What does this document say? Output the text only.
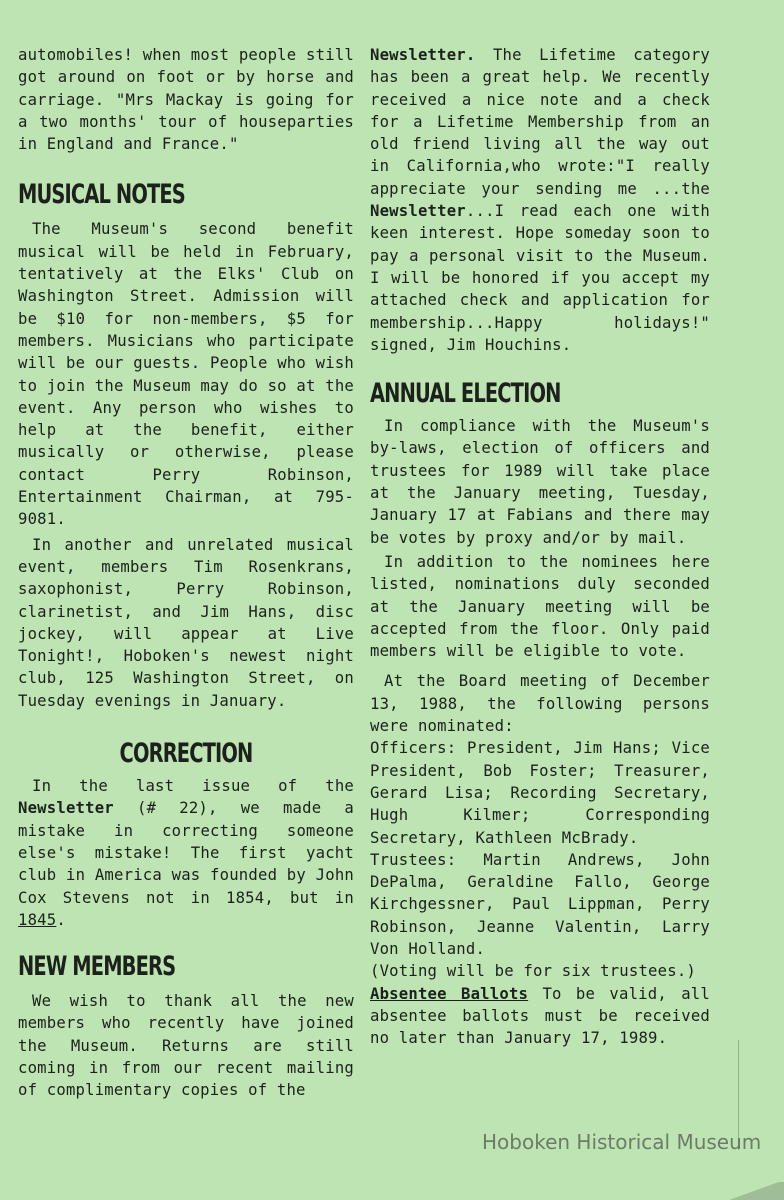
automobiles! when most people still got around on foot or by horse and carriage. "Mrs Mackay is going for a two months' tour of houseparties in England and France."

MUSICAL NOTES

The Museum's second benefit musical will be held in February, tentatively at the Elks' Club on Washington Street. Admission will be $10 for non-members, $5 for members. Musicians who participate will be our guests. People who wish to join the Museum may do so at the event. Any person who wishes to help at the benefit, either musically or otherwise, please contact Perry Robinson, Entertainment Chairman, at 795-9081.

In another and unrelated musical event, members Tim Rosenkrans, saxophonist, Perry Robinson, clarinetist, and Jim Hans, disc jockey, will appear at Live Tonight!, Hoboken's newest night club, 125 Washington Street, on Tuesday evenings in January.

CORRECTION

In the last issue of the Newsletter (# 22), we made a mistake in correcting someone else's mistake! The first yacht club in America was founded by John Cox Stevens not in 1854, but in 1845.

NEW MEMBERS

We wish to thank all the new members who recently have joined the Museum. Returns are still coming in from our recent mailing of complimentary copies of the

Newsletter. The Lifetime category has been a great help. We recently received a nice note and a check for a Lifetime Membership from an old friend living all the way out in California,who wrote:"I really appreciate your sending me ...the Newsletter...I read each one with keen interest. Hope someday soon to pay a personal visit to the Museum. I will be honored if you accept my attached check and application for membership...Happy holidays!" signed, Jim Houchins.

ANNUAL ELECTION

In compliance with the Museum's by-laws, election of officers and trustees for 1989 will take place at the January meeting, Tuesday, January 17 at Fabians and there may be votes by proxy and/or by mail.

In addition to the nominees here listed, nominations duly seconded at the January meeting will be accepted from the floor. Only paid members will be eligible to vote.

At the Board meeting of December 13, 1988, the following persons were nominated:

Officers: President, Jim Hans; Vice President, Bob Foster; Treasurer, Gerard Lisa; Recording Secretary, Hugh Kilmer; Corresponding Secretary, Kathleen McBrady.

Trustees: Martin Andrews, John DePalma, Geraldine Fallo, George Kirchgessner, Paul Lippman, Perry Robinson, Jeanne Valentin, Larry Von Holland.

(Voting will be for six trustees.)

Absentee Ballots To be valid, all absentee ballots must be received no later than January 17, 1989.

Hoboken Historical Museum
